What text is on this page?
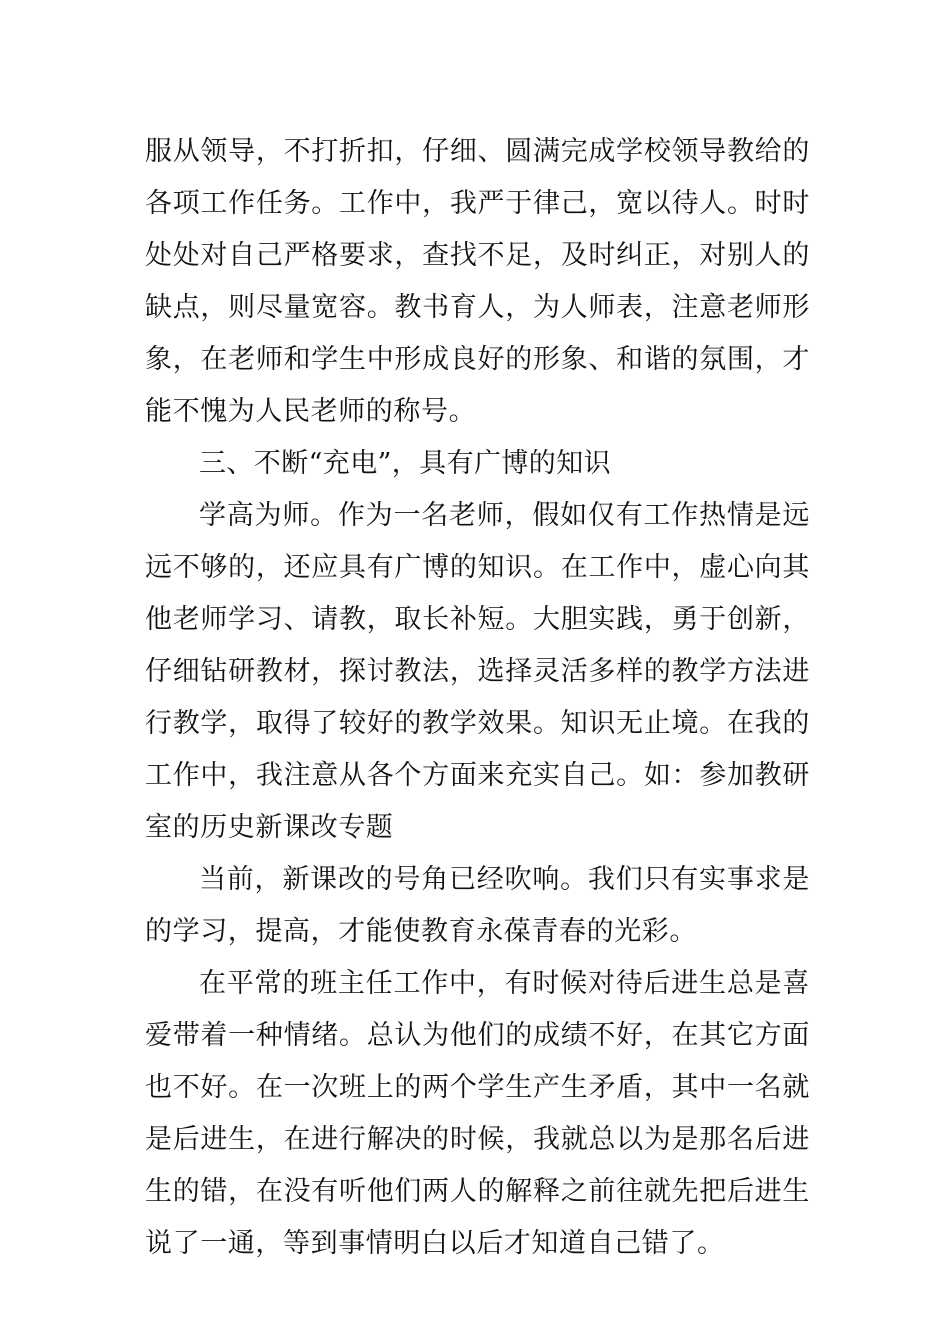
服从领导，不打折扣，仔细、圆满完成学校领导教给的各项工作任务。工作中，我严于律己，宽以待人。时时处处对自己严格要求，查找不足，及时纠正，对别人的缺点，则尽量宽容。教书育人，为人师表，注意老师形象，在老师和学生中形成良好的形象、和谐的氛围，才能不愧为人民老师的称号。

三、不断“充电”，具有广博的知识

学高为师。作为一名老师，假如仅有工作热情是远远不够的，还应具有广博的知识。在工作中，虚心向其他老师学习、请教，取长补短。大胆实践，勇于创新，仔细钻研教材，探讨教法，选择灵活多样的教学方法进行教学，取得了较好的教学效果。知识无止境。在我的工作中，我注意从各个方面来充实自己。如：参加教研室的历史新课改专题

当前，新课改的号角已经吹响。我们只有实事求是的学习，提高，才能使教育永葆青春的光彩。

在平常的班主任工作中，有时候对待后进生总是喜爱带着一种情绪。总认为他们的成绩不好，在其它方面也不好。在一次班上的两个学生产生矛盾，其中一名就是后进生，在进行解决的时候，我就总以为是那名后进生的错，在没有听他们两人的解释之前往就先把后进生说了一通，等到事情明白以后才知道自己错了。
